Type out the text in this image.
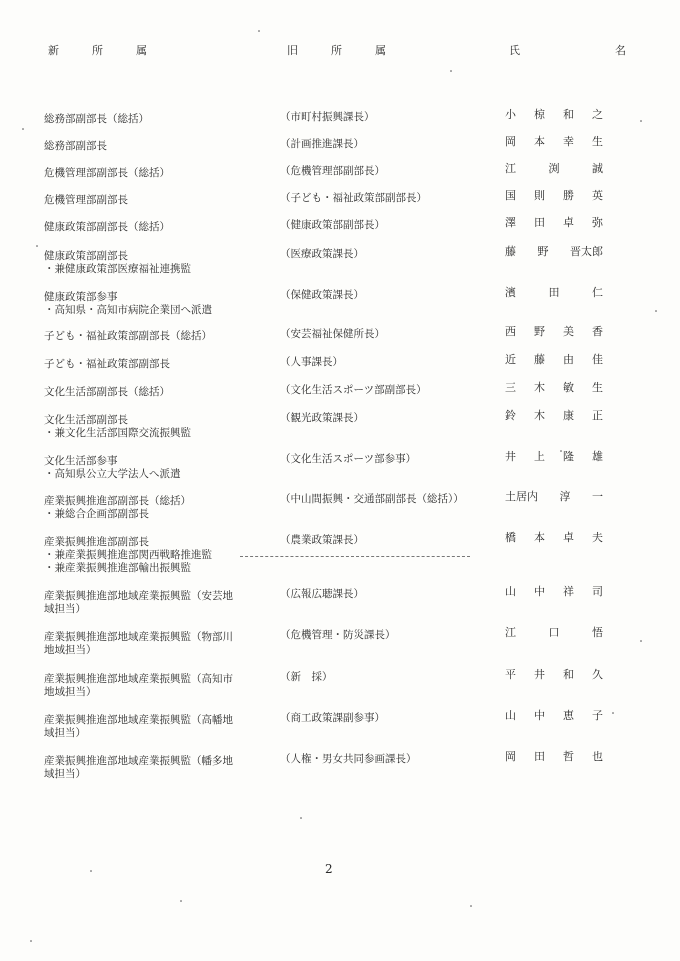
新　所　属	旧　所　属	氏　名
総務部副部長（総括）	（市町村振興課長）	小 椋 和 之
総務部副部長	（計画推進課長）	岡 本 幸 生
危機管理部副部長（総括）	（危機管理部副部長）	江	渕	誠
危機管理部副部長	（子ども・福祉政策部副部長）	国 則 勝 英
健康政策部副部長（総括）	（健康政策部副部長）	澤 田 卓 弥
健康政策部副部長
・兼健康政策部医療福祉連携監
（医療政策課長）	藤 野 晋太郎
健康政策部参事
・高知県・高知市病院企業団へ派遣
（保健政策課長）	濱	田	仁
子ども・福祉政策部副部長（総括）	（安芸福祉保健所長）	西 野 美 香
子ども・福祉政策部副部長	（人事課長）	近 藤 由 佳
文化生活部副部長（総括）	（文化生活スポーツ部副部長）	三 木 敏 生
文化生活部副部長
・兼文化生活部国際交流振興監
（観光政策課長）	鈴 木 康 正
文化生活部参事
・高知県公立大学法人へ派遣
（文化生活スポーツ部参事）	井 上 隆 雄
産業振興推進部副部長（総括）
・兼総合企画部副部長
（中山間振興・交通部副部長（総括））	土居内 淳 一
産業振興推進部副部長
・兼産業振興推進部関西戦略推進監
・兼産業振興推進部輸出振興監
（農業政策課長）	橋 本 卓 夫
産業振興推進部地域産業振興監（安芸地
域担当）
（広報広聴課長）	山 中 祥 司
産業振興推進部地域産業振興監（物部川
地域担当）
（危機管理・防災課長）	江	口	悟
産業振興推進部地域産業振興監（高知市
地域担当）
（新　採）	平 井 和 久
産業振興推進部地域産業振興監（高幡地
域担当）
（商工政策課副参事）	山 中 恵 子
産業振興推進部地域産業振興監（幡多地
域担当）
（人権・男女共同参画課長）	岡 田 哲 也
2
